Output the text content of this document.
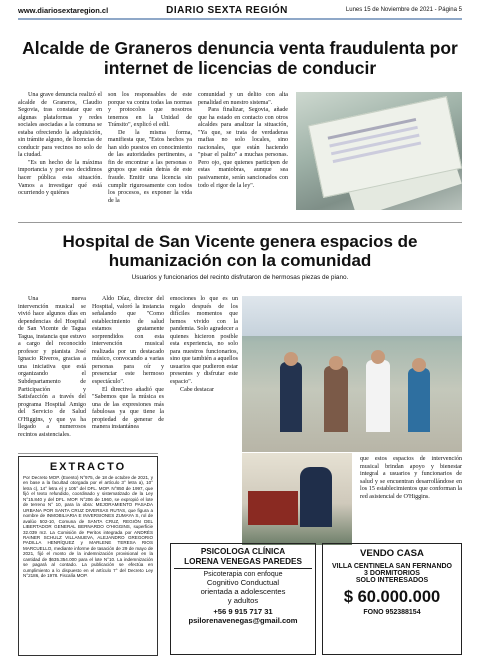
www.diariosextaregion.cl	DIARIO SEXTA REGIÓN	Lunes 15 de Noviembre de 2021 - Página 5
Alcalde de Graneros denuncia venta fraudulenta por internet de licencias de conducir

Una grave denuncia realizó el alcalde de Graneros, Claudio Segovia, tras constatar que en algunas plataformas y redes sociales asociadas a la comuna se estaba ofreciendo la adquisición, sin trámite alguno, de licencias de conducir para vecinos no solo de la ciudad.

"Es un hecho de la máxima importancia y por eso decidimos hacer pública esta situación. Vamos a investigar qué está ocurriendo y quiénes

son los responsables de este porque va contra todas las normas y protocolos que nosotros tenemos en la Unidad de Tránsito", explicó el edil.

De la misma forma, manifiesta que, "Estos hechos ya han sido puestos en conocimiento de las autoridades pertinentes, a fin de encontrar a las personas o grupos que están detrás de este fraude. Emitir una licencia sin cumplir rigurosamente con todos los procesos, es exponer la vida de la

comunidad y un delito con alta penalidad en nuestro sistema".

Para finalizar, Segovia, añade que ha estado en contacto con otros alcaldes para analizar la situación, "Ya que, se trata de verdaderas mafias no solo locales, sino nacionales, que están haciendo "pisar el palito" a muchas personas. Pero ojo, que quienes participen de estas maniobras, aunque sea pasivamente, serán sancionados con todo el rigor de la ley".

Hospital de San Vicente genera espacios de humanización con la comunidad
Usuarios y funcionarios del recinto disfrutaron de hermosas piezas de piano.

Una nueva intervención musical se vivió hace algunos días en dependencias del Hospital de San Vicente de Tagua Tagua, instancia que estuvo a cargo del reconocido profesor y pianista José Ignacio Riveros, gracias a una iniciativa que está organizando el Subdepartamento de Participación y Satisfacción a través del programa Hospital Amigo del Servicio de Salud O'Higgins, y que ya ha llegado a numerosos recintos asistenciales.

Aldo Díaz, director del Hospital, valoró la instancia señalando que "Como establecimiento de salud estamos gratamente sorprendidos con esta intervención musical realizada por un destacado músico, convocando a varias personas para oír y presenciar este hermoso espectáculo".

El directivo añadió que "Sabemos que la música es una de las expresiones más fabulosas ya que tiene la propiedad de generar de manera instantánea

emociones lo que es un regalo después de los difíciles momentos que hemos vivido con la pandemia. Solo agradecer a quienes hicieron posible esta experiencia, no solo para nuestros funcionarios, sino que también a aquellos usuarios que pudieron estar presentes y disfrutar este espacio".

Cabe destacar

que estos espacios de intervención musical brindan apoyo y bienestar integral a usuarios y funcionarios de salud y se encuentran desarrollándose en los 15 establecimientos que conforman la red asistencial de O'Higgins.

EXTRACTO
Por Decreto MOP. (Exento) N°975, de 18 de octubre de 2021, y en base a la facultad otorgada por el artículo 3° letra a), 10° letra c), 14° letra e) y 105° del DFL. MOP. N°850 de 1997, que fijó el texto refundido, coordinado y sistematizado de la Ley N°15.840 y del DFL. MOP. N°206 de 1960, se expropió el lote de terreno N° 10, para la obra: MEJORAMIENTO PASADA URBANA POR SANTA CRUZ DIVERSAS RUTAS, que figura a nombre de INMOBILIARIA E INVERSIONES ZUMAYA S, rol de avalúo 502-10, Comuna de SANTA CRUZ, REGIÓN DEL LIBERTADOR GENERAL BERNARDO O'HIGGINS, superficie 32.039 m2. La Comisión de Peritos integrada por ANDRÉS RAINER SCHULZ VILLANUEVA, ALEJANDRO GREGORIO PADILLA HENRÍQUEZ y MARLENE TERESA RIOS MARCUELLO, mediante informe de tasación de 29 de mayo de 2021, fijó el monto de la indemnización provisional en la cantidad de $635.354.000 para el lote N°10. La indemnización se pagará al contado. La publicación se efectúa en cumplimiento a lo dispuesto en el artículo 7° del Decreto Ley N°2186, de 1978. Fiscalía MOP.
PSICOLOGA CLÍNICA
LORENA VENEGAS PAREDES
Psicoterapia con enfoque
Cognitivo Conductual
orientada a adolescentes
y adultos
+56 9 915 717 31
psilorenavenegas@gmail.com
VENDO CASA
VILLA CENTINELA SAN FERNANDO
3 DORMITORIOS
SOLO INTERESADOS
$ 60.000.000
FONO 952388154
